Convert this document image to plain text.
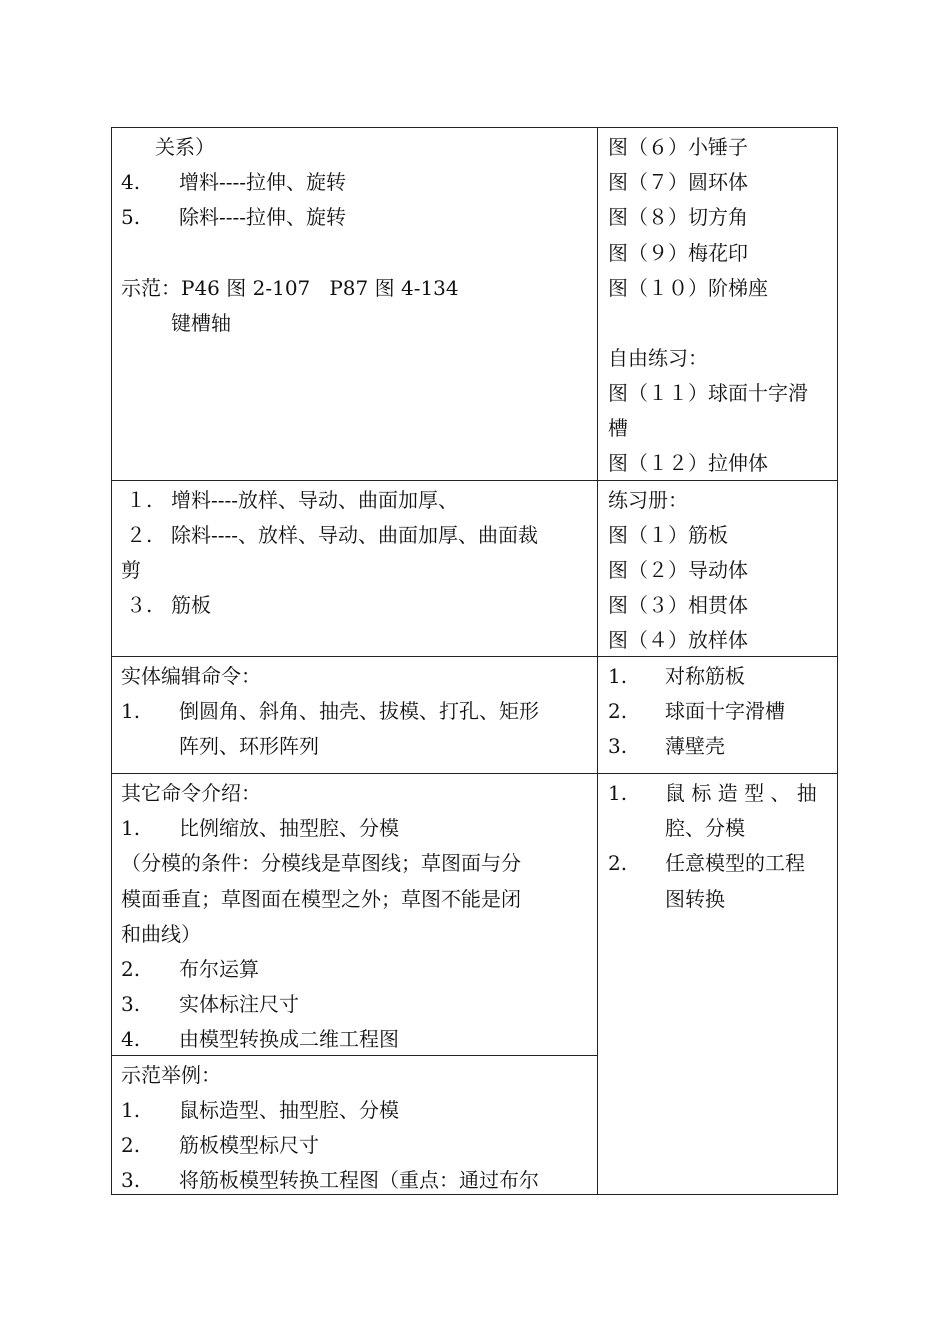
关系）
4. 增料----拉伸、旋转
5. 除料----拉伸、旋转
示范：P46 图 2-107   P87 图 4-134
键槽轴
图（６）小锤子
图（７）圆环体
图（８）切方角
图（９）梅花印
图（１０）阶梯座
自由练习：
图（１１）球面十字滑
槽
图（１２）拉伸体
１. 增料----放样、导动、曲面加厚、
２. 除料----、放样、导动、曲面加厚、曲面裁
剪
３. 筋板
练习册：
图（１）筋板
图（２）导动体
图（３）相贯体
图（４）放样体
实体编辑命令：
1. 倒圆角、斜角、抽壳、拔模、打孔、矩形
阵列、环形阵列
1. 对称筋板
2. 球面十字滑槽
3. 薄壁壳
其它命令介绍：
1. 比例缩放、抽型腔、分模
（分模的条件：分模线是草图线；草图面与分
模面垂直；草图面在模型之外；草图不能是闭
和曲线）
2. 布尔运算
3. 实体标注尺寸
4. 由模型转换成二维工程图
1. 鼠 标 造 型 、 抽
腔、分模
2. 任意模型的工程
图转换
示范举例：
1. 鼠标造型、抽型腔、分模
2. 筋板模型标尺寸
3. 将筋板模型转换工程图（重点：通过布尔
